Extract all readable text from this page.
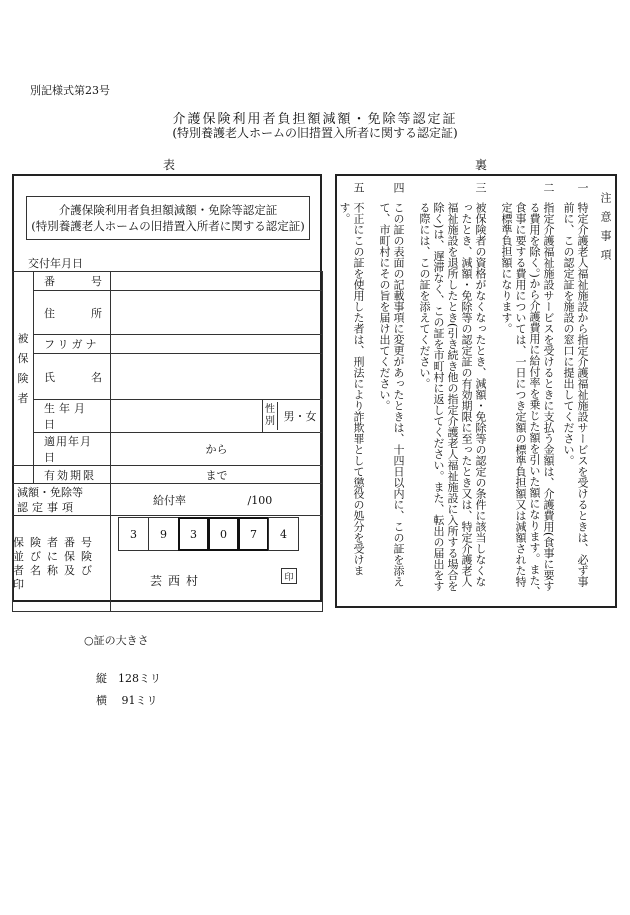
別記様式第23号
介護保険利用者負担額減額・免除等認定証
(特別養護老人ホームの旧措置入所者に関する認定証)
表	裏
介護保険利用者負担額減額・免除等認定証
(特別養護老人ホームの旧措置入所者に関する認定証)
交付年月日
被
保
険
者	番 号		

	住 所		

	フリガナ		

	氏 名		

	生年月日		性別 男・女

	適用年月日	から	

	有効期限	まで	

減額・免除等
認定事項		給付率 /100	

保険者番号
並びに保険
者名称及び
印			

3	9	3	0	7	4
芸西村	印
注意事項
一
特定介護老人福祉施設から指定介護福祉施設サービスを受けるときは、必ず事前に、この認定証を施設の窓口に提出してください。
二
指定介護福祉施設サービスを受けるときに支払う金額は、介護費用(食事に要する費用を除く。)から介護費用に給付率を乗じた額を引いた額になります。また、食事に要する費用については、一日につき定額の標準負担額又は減額された特定標準負担額になります。
三
被保険者の資格がなくなったとき、減額・免除等の認定の条件に該当しなくなったとき、減額・免除等の認定証の有効期限に至ったとき又は、特定介護老人福祉施設を退所したとき(引き続き他の指定介護老人福祉施設に入所する場合を除く)は、遅滞なく、この証を市町村に返してください。また、転出の届出をする際には、この証を添えてください。
四
この証の表面の記載事項に変更があったときは、十四日以内に、この証を添えて、市町村にその旨を届け出てください。
五
不正にこの証を使用した者は、刑法により詐欺罪として懲役の処分を受けます。
○証の大きさ
縦　128ミリ
横　 91ミリ
